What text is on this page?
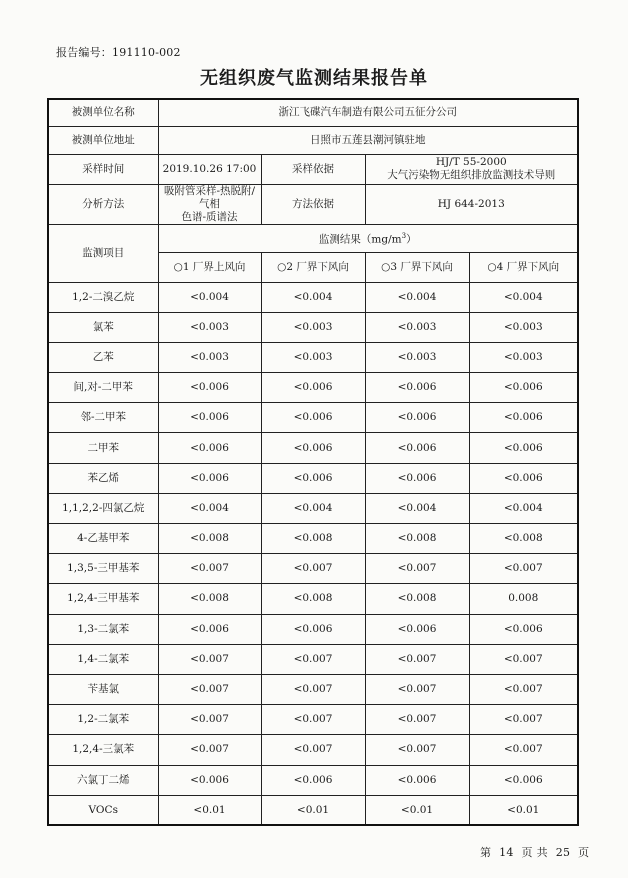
报告编号：191110-002
无组织废气监测结果报告单
被测单位名称	浙江飞碟汽车制造有限公司五征分公司			
被测单位地址	日照市五莲县潮河镇驻地			
采样时间	2019.10.26 17:00	采样依据	HJ/T 55-2000
大气污染物无组织排放监测技术导则	

分析方法	吸附管采样-热脱附/气相
色谱-质谱法	方法依据	HJ 644-2013	
监测项目	监测结果$(mg/m^3)$			
	○1 厂界上风向	○2 厂界下风向	○3 厂界下风向	○4 厂界下风向
1,2-二溴乙烷	<0.004	<0.004	<0.004	<0.004
氯苯	<0.003	<0.003	<0.003	<0.003
乙苯	<0.003	<0.003	<0.003	<0.003
间,对-二甲苯	<0.006	<0.006	<0.006	<0.006
邻-二甲苯	<0.006	<0.006	<0.006	<0.006
二甲苯	<0.006	<0.006	<0.006	<0.006
苯乙烯	<0.006	<0.006	<0.006	<0.006
1,1,2,2-四氯乙烷	<0.004	<0.004	<0.004	<0.004
4-乙基甲苯	<0.008	<0.008	<0.008	<0.008
1,3,5-三甲基苯	<0.007	<0.007	<0.007	<0.007
1,2,4-三甲基苯	<0.008	<0.008	<0.008	0.008
1,3-二氯苯	<0.006	<0.006	<0.006	<0.006
1,4-二氯苯	<0.007	<0.007	<0.007	<0.007
苄基氯	<0.007	<0.007	<0.007	<0.007
1,2-二氯苯	<0.007	<0.007	<0.007	<0.007
1,2,4-三氯苯	<0.007	<0.007	<0.007	<0.007
六氯丁二烯	<0.006	<0.006	<0.006	<0.006
VOCs	<0.01	<0.01	<0.01	<0.01
第 14 页 共 25 页
